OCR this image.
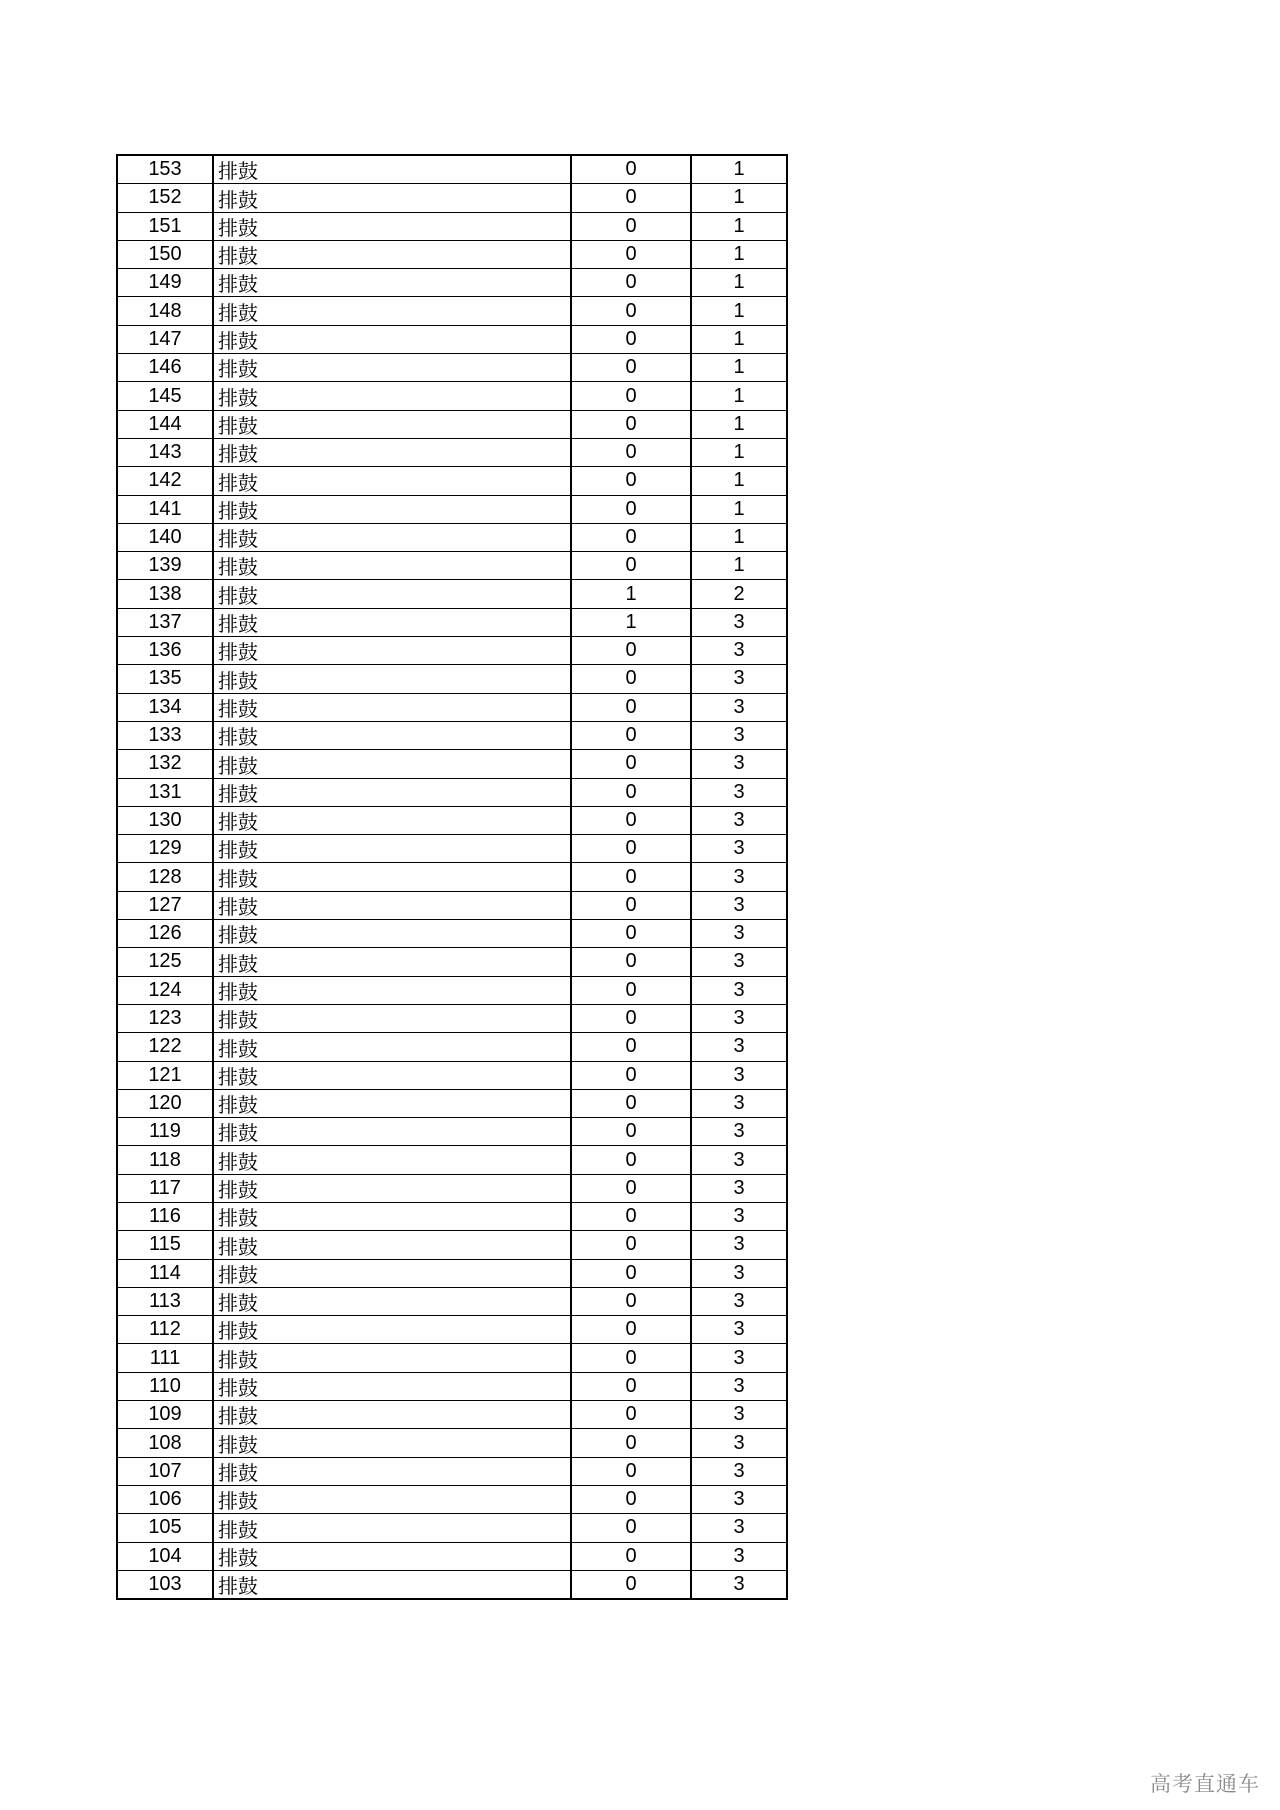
153	排鼓	0	1
152	排鼓	0	1
151	排鼓	0	1
150	排鼓	0	1
149	排鼓	0	1
148	排鼓	0	1
147	排鼓	0	1
146	排鼓	0	1
145	排鼓	0	1
144	排鼓	0	1
143	排鼓	0	1
142	排鼓	0	1
141	排鼓	0	1
140	排鼓	0	1
139	排鼓	0	1
138	排鼓	1	2
137	排鼓	1	3
136	排鼓	0	3
135	排鼓	0	3
134	排鼓	0	3
133	排鼓	0	3
132	排鼓	0	3
131	排鼓	0	3
130	排鼓	0	3
129	排鼓	0	3
128	排鼓	0	3
127	排鼓	0	3
126	排鼓	0	3
125	排鼓	0	3
124	排鼓	0	3
123	排鼓	0	3
122	排鼓	0	3
121	排鼓	0	3
120	排鼓	0	3
119	排鼓	0	3
118	排鼓	0	3
117	排鼓	0	3
116	排鼓	0	3
115	排鼓	0	3
114	排鼓	0	3
113	排鼓	0	3
112	排鼓	0	3
111	排鼓	0	3
110	排鼓	0	3
109	排鼓	0	3
108	排鼓	0	3
107	排鼓	0	3
106	排鼓	0	3
105	排鼓	0	3
104	排鼓	0	3
103	排鼓	0	3
高考直通车
